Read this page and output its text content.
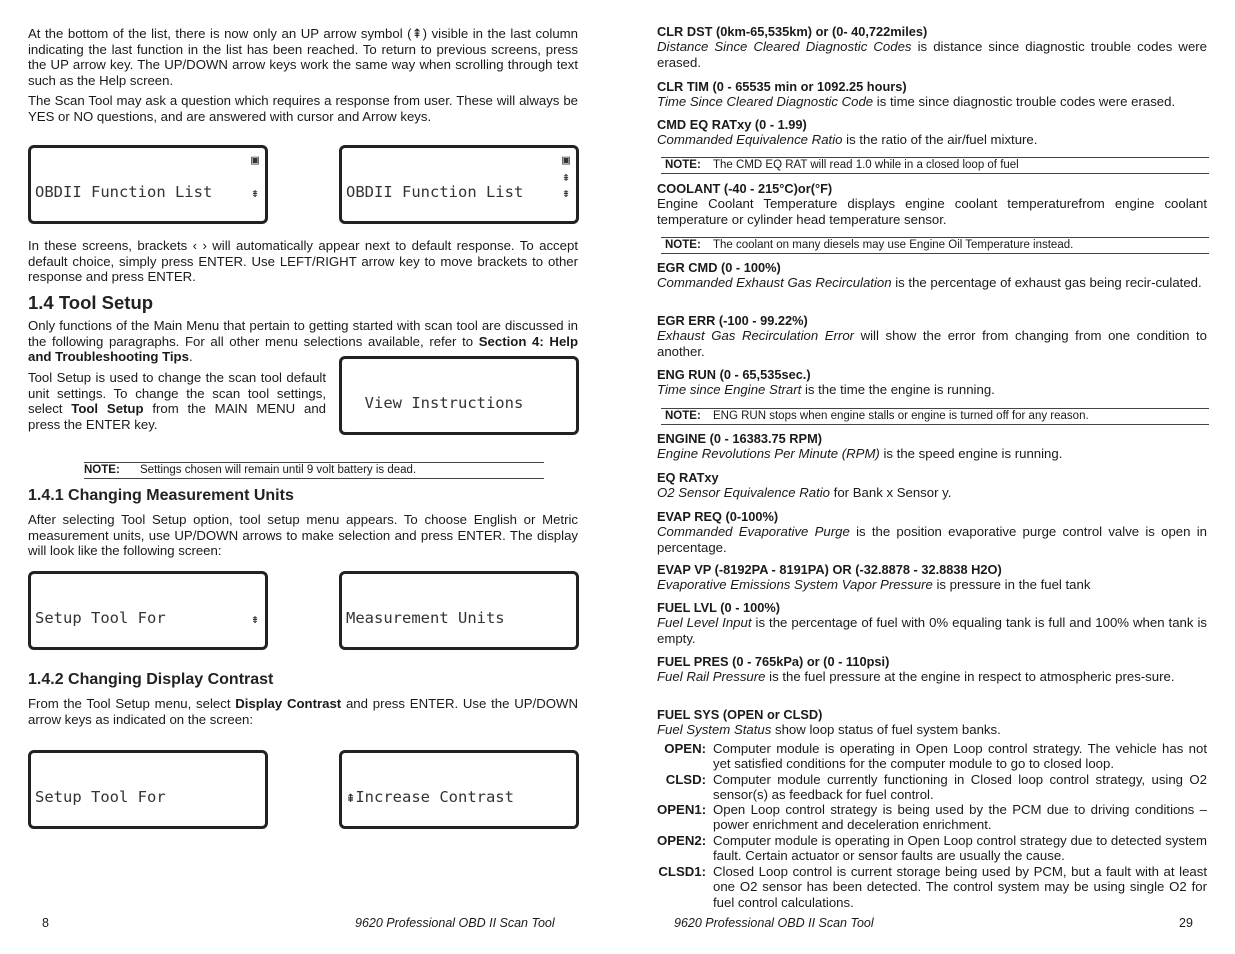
At the bottom of the list, there is now only an UP arrow symbol (⇞) visible in the last column indicating the last function in the list has been reached. To return to previous screens, press the UP arrow key. The UP/DOWN arrow keys work the same way when scrolling through text such as the Help screen.

The Scan Tool may ask a question which requires a response from user. These will always be YES or NO questions, and are answered with cursor and Arrow keys.

OBDII Function List

▣

⇟

	OBDII Function List

▣

⇞

⇟

In these screens, brackets ‹ › will automatically appear next to default response. To accept default choice, simply press ENTER. Use LEFT/RIGHT arrow key to move brackets to other response and press ENTER.

1.4 Tool Setup

Only functions of the Main Menu that pertain to getting started with scan tool are discussed in the following paragraphs. For all other menu selections available, refer to Section 4: Help and Troubleshooting Tips.

Tool Setup is used to change the scan tool default unit settings. To change the scan tool settings, select Tool Setup from the MAIN MENU and press the ENTER key.

View Instructions

NOTE: Settings chosen will remain until 9 volt battery is dead.
1.4.1 Changing Measurement Units

After selecting Tool Setup option, tool setup menu appears. To choose English or Metric measurement units, use UP/DOWN arrows to make selection and press ENTER. The display will look like the following screen:

Setup Tool For

	⇟

	Measurement Units

1.4.2 Changing Display Contrast

From the Tool Setup menu, select Display Contrast and press ENTER. Use the UP/DOWN arrow keys as indicated on the screen:

Setup Tool For

	⇞Increase Contrast

8	9620 Professional OBD II Scan Tool
CLR DST (0km-65,535km) or (0- 40,722miles)
Distance Since Cleared Diagnostic Codes is distance since diagnostic trouble codes were erased.
CLR TIM (0 - 65535 min or 1092.25 hours)
Time Since Cleared Diagnostic Code is time since diagnostic trouble codes were erased.
CMD EQ RATxy (0 - 1.99)
Commanded Equivalence Ratio is the ratio of the air/fuel mixture.
NOTE: The CMD EQ RAT will read 1.0 while in a closed loop of fuel
COOLANT (-40 - 215°C)or(°F)
Engine Coolant Temperature displays engine coolant temperaturefrom engine coolant temperature or cylinder head temperature sensor.
NOTE: The coolant on many diesels may use Engine Oil Temperature instead.
EGR CMD (0 - 100%)
Commanded Exhaust Gas Recirculation is the percentage of exhaust gas being recir-culated.
EGR ERR (-100 - 99.22%)
Exhaust Gas Recirculation Error will show the error from changing from one condition to another.
ENG RUN (0 - 65,535sec.)
Time since Engine Strart is the time the engine is running.
NOTE: ENG RUN stops when engine stalls or engine is turned off for any reason.
ENGINE (0 - 16383.75 RPM)
Engine Revolutions Per Minute (RPM) is the speed engine is running.
EQ RATxy
O2 Sensor Equivalence Ratio for Bank x Sensor y.
EVAP REQ (0-100%)
Commanded Evaporative Purge is the position evaporative purge control valve is open in percentage.
EVAP VP (-8192PA - 8191PA) OR (-32.8878 - 32.8838 H2O)
Evaporative Emissions System Vapor Pressure is pressure in the fuel tank
FUEL LVL (0 - 100%)
Fuel Level Input is the percentage of fuel with 0% equaling tank is full and 100% when tank is empty.
FUEL PRES (0 - 765kPa) or (0 - 110psi)
Fuel Rail Pressure is the fuel pressure at the engine in respect to atmospheric pres-sure.
FUEL SYS (OPEN or CLSD)
Fuel System Status show loop status of fuel system banks.
OPEN: Computer module is operating in Open Loop control strategy. The vehicle has not yet satisfied conditions for the computer module to go to closed loop.
CLSD: Computer module currently functioning in Closed loop control strategy, using O2 sensor(s) as feedback for fuel control.
OPEN1: Open Loop control strategy is being used by the PCM due to driving conditions – power enrichment and deceleration enrichment.
OPEN2: Computer module is operating in Open Loop control strategy due to detected system fault. Certain actuator or sensor faults are usually the cause.
CLSD1: Closed Loop control is current storage being used by PCM, but a fault with at least one O2 sensor has been detected. The control system may be using single O2 for fuel control calculations.
9620 Professional OBD II Scan Tool	29
